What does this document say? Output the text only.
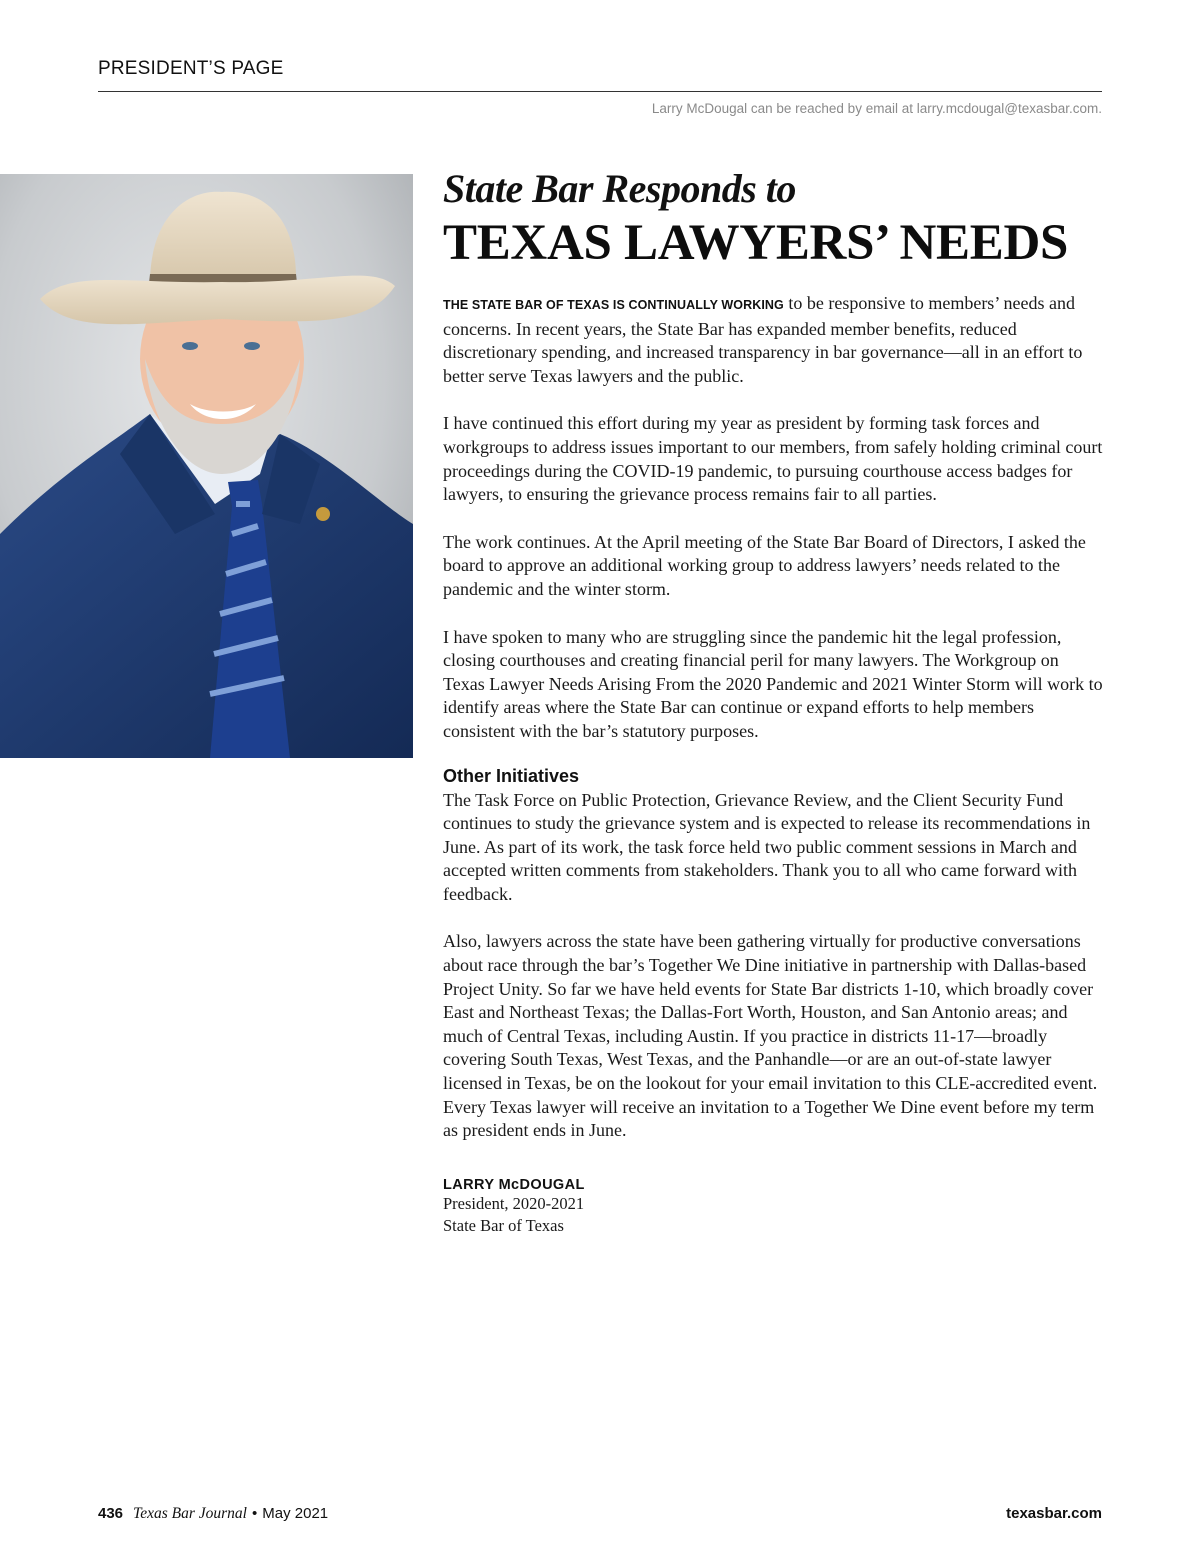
PRESIDENT’S PAGE
Larry McDougal can be reached by email at larry.mcdougal@texasbar.com.
State Bar Responds to
TEXAS LAWYERS’ NEEDS

THE STATE BAR OF TEXAS IS CONTINUALLY WORKING to be responsive to members’ needs and concerns. In recent years, the State Bar has expanded member benefits, reduced discretionary spending, and increased transparency in bar governance—all in an effort to better serve Texas lawyers and the public.

I have continued this effort during my year as president by forming task forces and workgroups to address issues important to our members, from safely holding criminal court proceedings during the COVID-19 pandemic, to pursuing courthouse access badges for lawyers, to ensuring the grievance process remains fair to all parties.

The work continues. At the April meeting of the State Bar Board of Directors, I asked the board to approve an additional working group to address lawyers’ needs related to the pandemic and the winter storm.

I have spoken to many who are struggling since the pandemic hit the legal profession, closing courthouses and creating financial peril for many lawyers. The Workgroup on Texas Lawyer Needs Arising From the 2020 Pandemic and 2021 Winter Storm will work to identify areas where the State Bar can continue or expand efforts to help members consistent with the bar’s statutory purposes.

Other Initiatives

The Task Force on Public Protection, Grievance Review, and the Client Security Fund continues to study the grievance system and is expected to release its recommendations in June. As part of its work, the task force held two public comment sessions in March and accepted written comments from stakeholders. Thank you to all who came forward with feedback.

Also, lawyers across the state have been gathering virtually for productive conversations about race through the bar’s Together We Dine initiative in partnership with Dallas-based Project Unity. So far we have held events for State Bar districts 1-10, which broadly cover East and Northeast Texas; the Dallas-Fort Worth, Houston, and San Antonio areas; and much of Central Texas, including Austin. If you practice in districts 11-17—broadly covering South Texas, West Texas, and the Panhandle—or are an out-of-state lawyer licensed in Texas, be on the lookout for your email invitation to this CLE-accredited event. Every Texas lawyer will receive an invitation to a Together We Dine event before my term as president ends in June.

LARRY McDOUGAL
President, 2020-2021
State Bar of Texas
436 Texas Bar Journal • May 2021	texasbar.com
